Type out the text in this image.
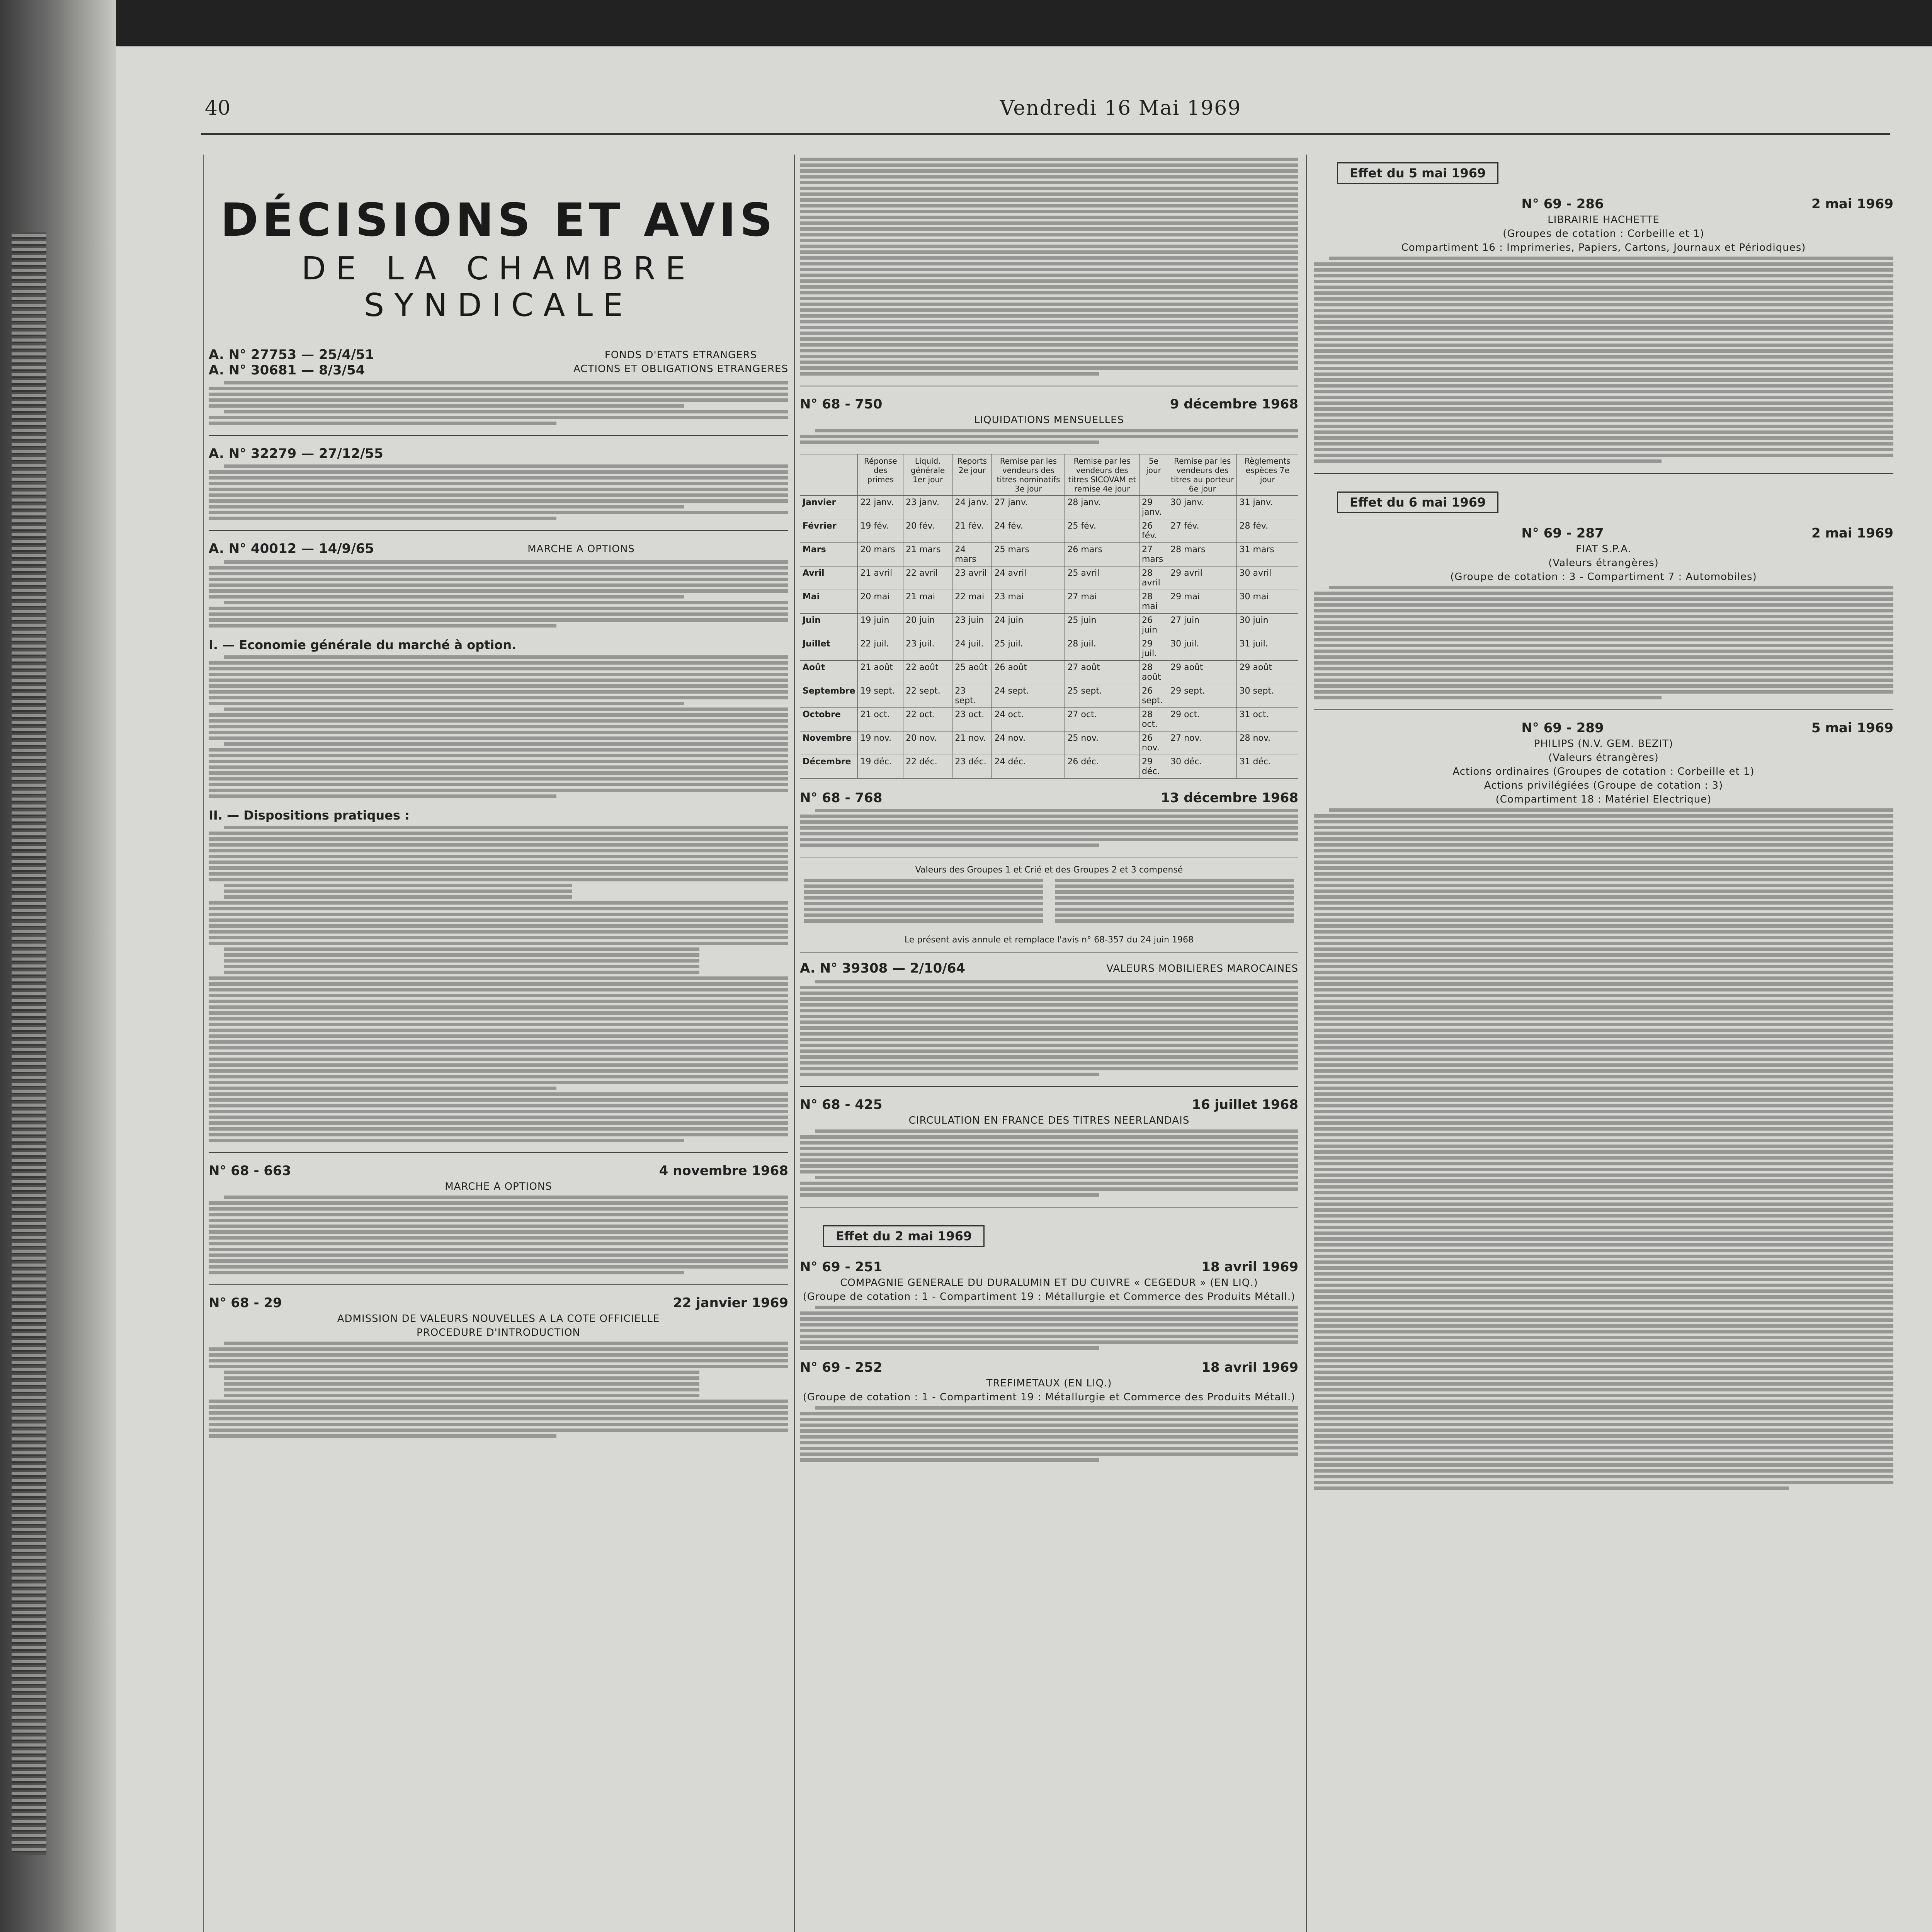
40	Vendredi 16 Mai 1969
DÉCISIONS ET AVIS
DE LA CHAMBRE SYNDICALE
A. N° 27753 — 25/4/51
A. N° 30681 — 8/3/54
FONDS D'ETATS ETRANGERS
ACTIONS ET OBLIGATIONS ETRANGERES
A. N° 32279 — 27/12/55
A. N° 40012 — 14/9/65	MARCHE A OPTIONS
I. — Economie générale du marché à option.
II. — Dispositions pratiques :
N° 68 - 663	4 novembre 1968
MARCHE A OPTIONS
N° 68 - 29	22 janvier 1969
ADMISSION DE VALEURS NOUVELLES A LA COTE OFFICIELLE
PROCEDURE D'INTRODUCTION
N° 68 - 750	9 décembre 1968
LIQUIDATIONS MENSUELLES
	Réponse des primes	Liquid. générale 1er jour	Reports 2e jour	Remise par les vendeurs des titres nominatifs 3e jour	Remise par les vendeurs des titres SICOVAM et remise 4e jour	5e jour	Remise par les vendeurs des titres au porteur 6e jour	Règlements espèces 7e jour
Janvier	22 janv.	23 janv.	24 janv.	27 janv.	28 janv.	29 janv.	30 janv.	31 janv.
Février	19 fév.	20 fév.	21 fév.	24 fév.	25 fév.	26 fév.	27 fév.	28 fév.
Mars	20 mars	21 mars	24 mars	25 mars	26 mars	27 mars	28 mars	31 mars
Avril	21 avril	22 avril	23 avril	24 avril	25 avril	28 avril	29 avril	30 avril
Mai	20 mai	21 mai	22 mai	23 mai	27 mai	28 mai	29 mai	30 mai
Juin	19 juin	20 juin	23 juin	24 juin	25 juin	26 juin	27 juin	30 juin
Juillet	22 juil.	23 juil.	24 juil.	25 juil.	28 juil.	29 juil.	30 juil.	31 juil.
Août	21 août	22 août	25 août	26 août	27 août	28 août	29 août	29 août
Septembre	19 sept.	22 sept.	23 sept.	24 sept.	25 sept.	26 sept.	29 sept.	30 sept.
Octobre	21 oct.	22 oct.	23 oct.	24 oct.	27 oct.	28 oct.	29 oct.	31 oct.
Novembre	19 nov.	20 nov.	21 nov.	24 nov.	25 nov.	26 nov.	27 nov.	28 nov.
Décembre	19 déc.	22 déc.	23 déc.	24 déc.	26 déc.	29 déc.	30 déc.	31 déc.
N° 68 - 768	13 décembre 1968
Valeurs des Groupes 1 et Crié et des Groupes 2 et 3 compensé
Le présent avis annule et remplace l'avis n° 68-357 du 24 juin 1968
A. N° 39308 — 2/10/64	VALEURS MOBILIERES MAROCAINES
N° 68 - 425	16 juillet 1968
CIRCULATION EN FRANCE DES TITRES NEERLANDAIS
Effet du 2 mai 1969
N° 69 - 251	18 avril 1969
COMPAGNIE GENERALE DU DURALUMIN ET DU CUIVRE « CEGEDUR » (EN LIQ.)
(Groupe de cotation : 1 - Compartiment 19 : Métallurgie et Commerce des Produits Métall.)
N° 69 - 252	18 avril 1969
TREFIMETAUX (EN LIQ.)
(Groupe de cotation : 1 - Compartiment 19 : Métallurgie et Commerce des Produits Métall.)
Effet du 5 mai 1969
N° 69 - 286	2 mai 1969
LIBRAIRIE HACHETTE
(Groupes de cotation : Corbeille et 1)
Compartiment 16 : Imprimeries, Papiers, Cartons, Journaux et Périodiques)
Effet du 6 mai 1969
N° 69 - 287	2 mai 1969
FIAT S.P.A.
(Valeurs étrangères)
(Groupe de cotation : 3 - Compartiment 7 : Automobiles)
N° 69 - 289	5 mai 1969
PHILIPS (N.V. GEM. BEZIT)
(Valeurs étrangères)
Actions ordinaires (Groupes de cotation : Corbeille et 1)
Actions privilégiées (Groupe de cotation : 3)
(Compartiment 18 : Matériel Electrique)
